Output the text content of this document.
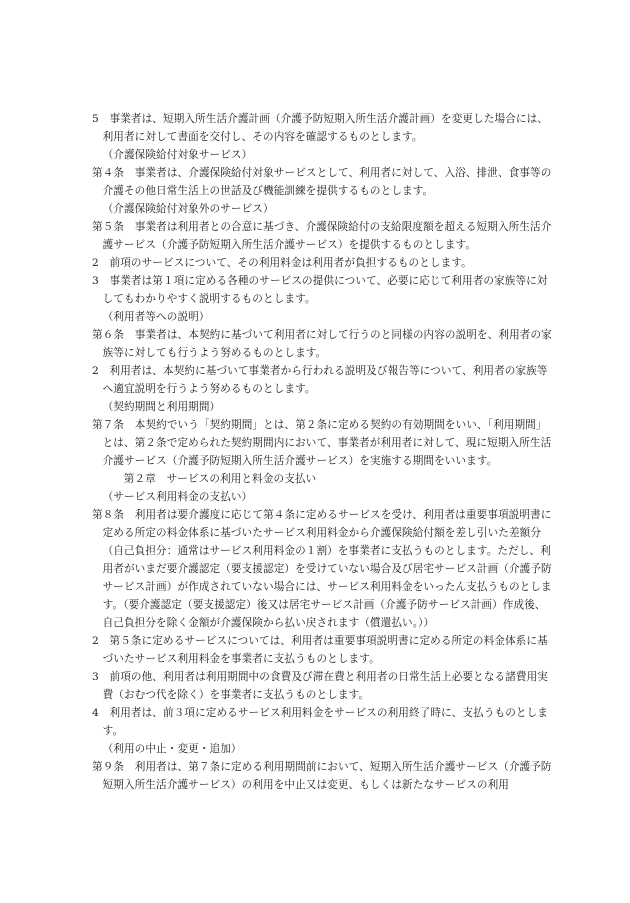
5　事業者は、短期入所生活介護計画（介護予防短期入所生活介護計画）を変更した場合には、利用者に対して書面を交付し、その内容を確認するものとします。

（介護保険給付対象サービス）

第４条　事業者は、介護保険給付対象サービスとして、利用者に対して、入浴、排泄、食事等の介護その他日常生活上の世話及び機能訓練を提供するものとします。

（介護保険給付対象外のサービス）

第５条　事業者は利用者との合意に基づき、介護保険給付の支給限度額を超える短期入所生活介護サービス（介護予防短期入所生活介護サービス）を提供するものとします。

2　前項のサービスについて、その利用料金は利用者が負担するものとします。

3　事業者は第１項に定める各種のサービスの提供について、必要に応じて利用者の家族等に対してもわかりやすく説明するものとします。

（利用者等への説明）

第６条　事業者は、本契約に基づいて利用者に対して行うのと同様の内容の説明を、利用者の家族等に対しても行うよう努めるものとします。

2　利用者は、本契約に基づいて事業者から行われる説明及び報告等について、利用者の家族等へ適宜説明を行うよう努めるものとします。

（契約期間と利用期間）

第７条　本契約でいう「契約期間」とは、第２条に定める契約の有効期間をいい、「利用期間」とは、第２条で定められた契約期間内において、事業者が利用者に対して、現に短期入所生活介護サービス（介護予防短期入所生活介護サービス）を実施する期間をいいます。

第２章　サービスの利用と料金の支払い

（サービス利用料金の支払い）

第８条　利用者は要介護度に応じて第４条に定めるサービスを受け、利用者は重要事項説明書に定める所定の料金体系に基づいたサービス利用料金から介護保険給付額を差し引いた差額分（自己負担分：通常はサービス利用料金の１割）を事業者に支払うものとします。ただし、利用者がいまだ要介護認定（要支援認定）を受けていない場合及び居宅サービス計画（介護予防サービス計画）が作成されていない場合には、サービス利用料金をいったん支払うものとします。（要介護認定（要支援認定）後又は居宅サービス計画（介護予防サービス計画）作成後、自己負担分を除く金額が介護保険から払い戻されます（償還払い。））

2　第５条に定めるサービスについては、利用者は重要事項説明書に定める所定の料金体系に基づいたサービス利用料金を事業者に支払うものとします。

3　前項の他、利用者は利用期間中の食費及び滞在費と利用者の日常生活上必要となる諸費用実費（おむつ代を除く）を事業者に支払うものとします。

4　利用者は、前３項に定めるサービス利用料金をサービスの利用終了時に、支払うものとします。

（利用の中止・変更・追加）

第９条　利用者は、第７条に定める利用期間前において、短期入所生活介護サービス（介護予防短期入所生活介護サービス）の利用を中止又は変更、もしくは新たなサービスの利用
